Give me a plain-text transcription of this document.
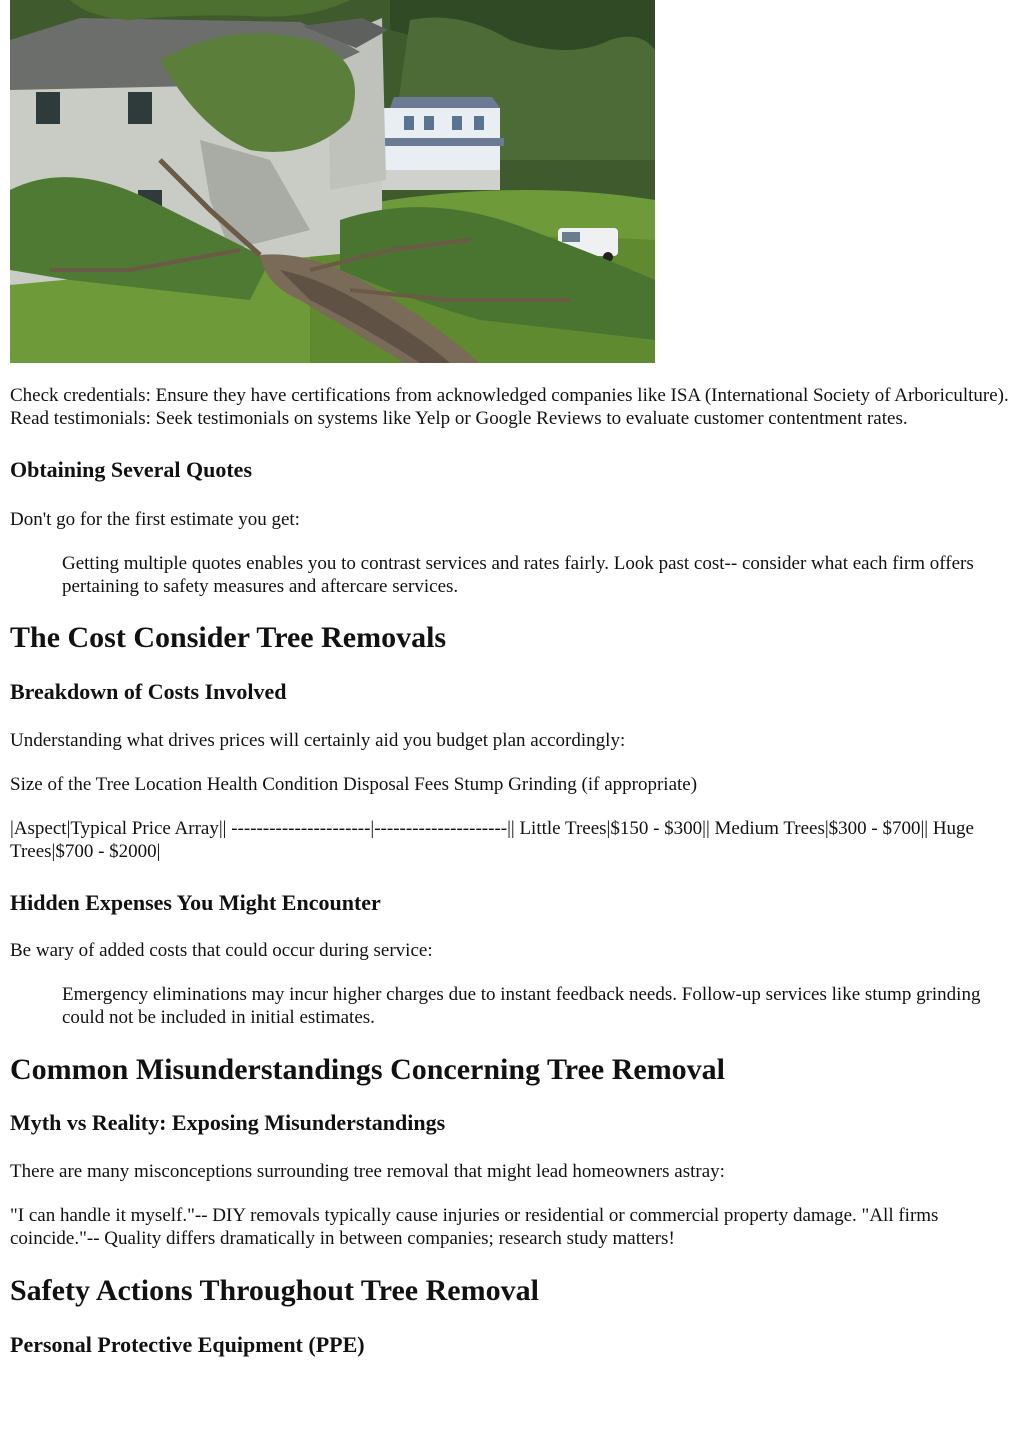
Check credentials: Ensure they have certifications from acknowledged companies like ISA (International Society of Arboriculture). Read testimonials: Seek testimonials on systems like Yelp or Google Reviews to evaluate customer contentment rates.

Obtaining Several Quotes

Don't go for the first estimate you get:

Getting multiple quotes enables you to contrast services and rates fairly. Look past cost-- consider what each firm offers pertaining to safety measures and aftercare services.
The Cost Consider Tree Removals
Breakdown of Costs Involved

Understanding what drives prices will certainly aid you budget plan accordingly:

Size of the Tree Location Health Condition Disposal Fees Stump Grinding (if appropriate)

|Aspect|Typical Price Array|| ----------------------|---------------------|| Little Trees|$150 - $300|| Medium Trees|$300 - $700|| Huge Trees|$700 - $2000|

Hidden Expenses You Might Encounter

Be wary of added costs that could occur during service:

Emergency eliminations may incur higher charges due to instant feedback needs. Follow-up services like stump grinding could not be included in initial estimates.
Common Misunderstandings Concerning Tree Removal
Myth vs Reality: Exposing Misunderstandings

There are many misconceptions surrounding tree removal that might lead homeowners astray:

"I can handle it myself."-- DIY removals typically cause injuries or residential or commercial property damage. "All firms coincide."-- Quality differs dramatically in between companies; research study matters!

Safety Actions Throughout Tree Removal
Personal Protective Equipment (PPE)
